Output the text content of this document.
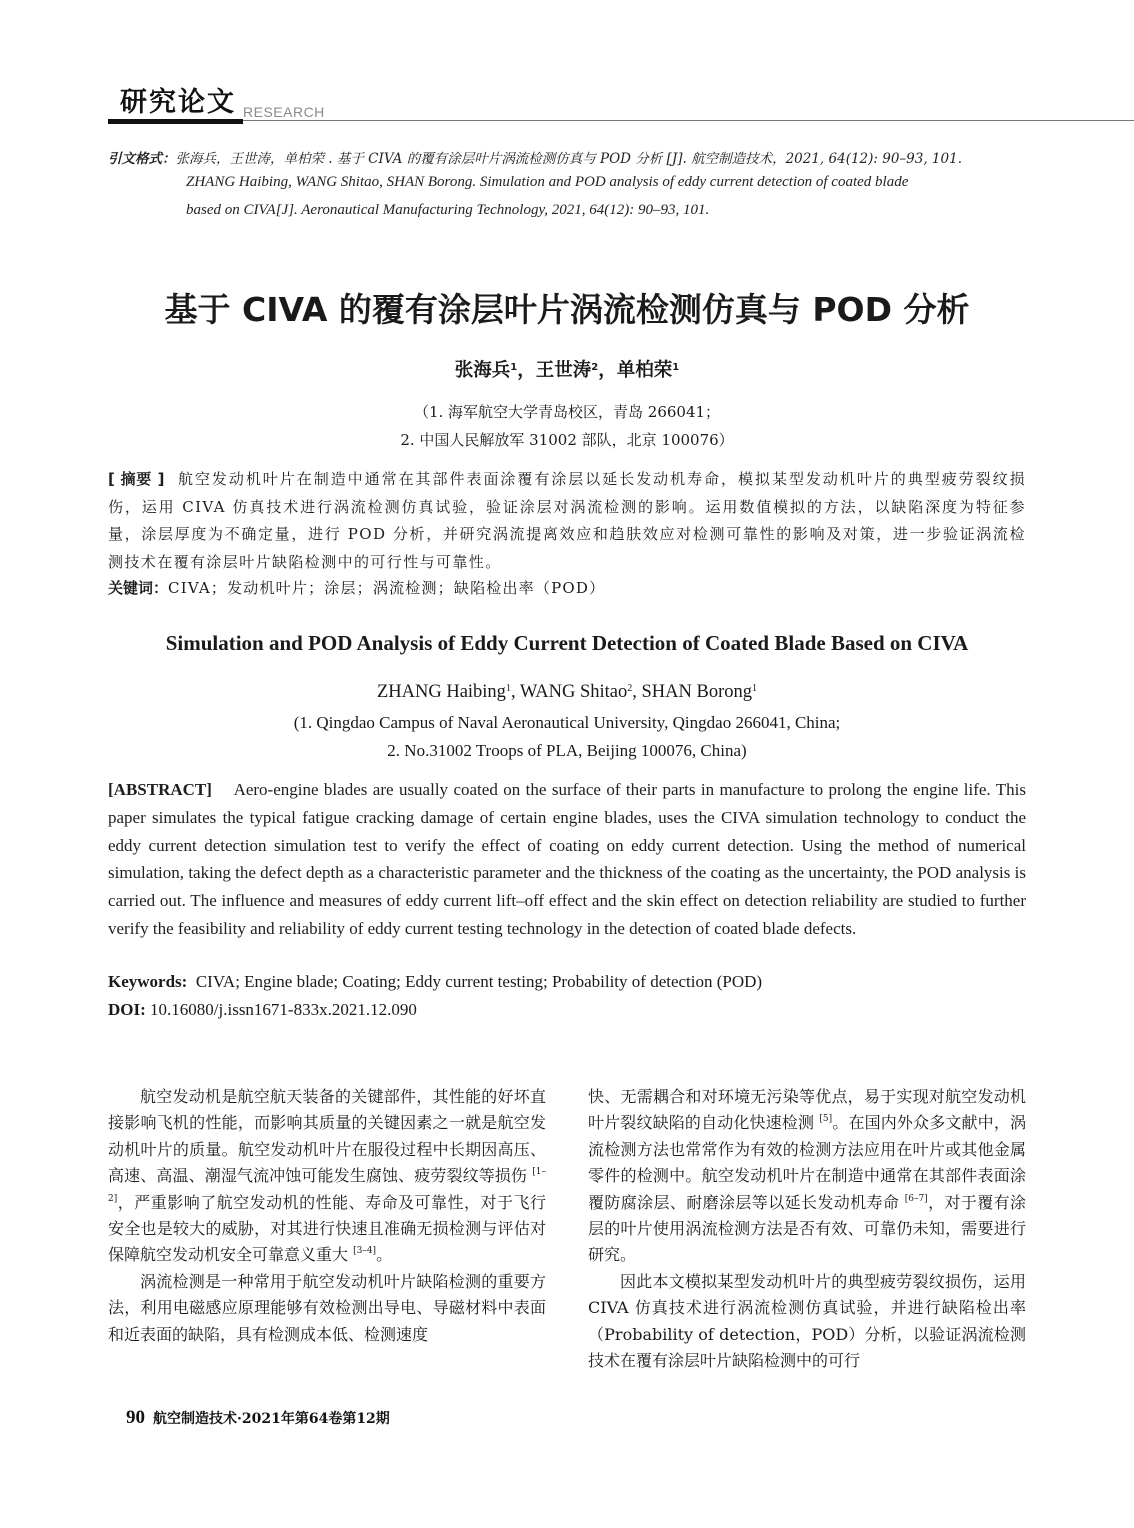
研究论文 RESEARCH
引文格式：张海兵，王世涛，单柏荣 . 基于 CIVA 的覆有涂层叶片涡流检测仿真与 POD 分析 [J]. 航空制造技术，2021, 64(12): 90–93, 101.
ZHANG Haibing, WANG Shitao, SHAN Borong. Simulation and POD analysis of eddy current detection of coated blade
based on CIVA[J]. Aeronautical Manufacturing Technology, 2021, 64(12): 90–93, 101.
基于 CIVA 的覆有涂层叶片涡流检测仿真与 POD 分析
张海兵$^1$，王世涛$^2$，单柏荣$^1$
（1. 海军航空大学青岛校区，青岛 266041；
2. 中国人民解放军 31002 部队，北京 100076）
[ 摘要 ] 航空发动机叶片在制造中通常在其部件表面涂覆有涂层以延长发动机寿命，模拟某型发动机叶片的典型疲劳裂纹损伤，运用 CIVA 仿真技术进行涡流检测仿真试验，验证涂层对涡流检测的影响。运用数值模拟的方法，以缺陷深度为特征参量，涂层厚度为不确定量，进行 POD 分析，并研究涡流提离效应和趋肤效应对检测可靠性的影响及对策，进一步验证涡流检测技术在覆有涂层叶片缺陷检测中的可行性与可靠性。
关键词：CIVA；发动机叶片；涂层；涡流检测；缺陷检出率（POD）
Simulation and POD Analysis of Eddy Current Detection of Coated Blade Based on CIVA
ZHANG Haibing$^1$, WANG Shitao$^2$, SHAN Borong$^1$
(1. Qingdao Campus of Naval Aeronautical University, Qingdao 266041, China;
2. No.31002 Troops of PLA, Beijing 100076, China)
[ABSTRACT] Aero-engine blades are usually coated on the surface of their parts in manufacture to prolong the engine life. This paper simulates the typical fatigue cracking damage of certain engine blades, uses the CIVA simulation technology to conduct the eddy current detection simulation test to verify the effect of coating on eddy current detection. Using the method of numerical simulation, taking the defect depth as a characteristic parameter and the thickness of the coating as the uncertainty, the POD analysis is carried out. The influence and measures of eddy current lift–off effect and the skin effect on detection reliability are studied to further verify the feasibility and reliability of eddy current testing technology in the detection of coated blade defects.
Keywords: CIVA; Engine blade; Coating; Eddy current testing; Probability of detection (POD)
DOI: 10.16080/j.issn1671-833x.2021.12.090

航空发动机是航空航天装备的关键部件，其性能的好坏直接影响飞机的性能，而影响其质量的关键因素之一就是航空发动机叶片的质量。航空发动机叶片在服役过程中长期因高压、高速、高温、潮湿气流冲蚀可能发生腐蚀、疲劳裂纹等损伤 [1–2]，严重影响了航空发动机的性能、寿命及可靠性，对于飞行安全也是较大的威胁，对其进行快速且准确无损检测与评估对保障航空发动机安全可靠意义重大 [3–4]。

涡流检测是一种常用于航空发动机叶片缺陷检测的重要方法，利用电磁感应原理能够有效检测出导电、导磁材料中表面和近表面的缺陷，具有检测成本低、检测速度

快、无需耦合和对环境无污染等优点，易于实现对航空发动机叶片裂纹缺陷的自动化快速检测 [5]。在国内外众多文献中，涡流检测方法也常常作为有效的检测方法应用在叶片或其他金属零件的检测中。航空发动机叶片在制造中通常在其部件表面涂覆防腐涂层、耐磨涂层等以延长发动机寿命 [6–7]，对于覆有涂层的叶片使用涡流检测方法是否有效、可靠仍未知，需要进行研究。

因此本文模拟某型发动机叶片的典型疲劳裂纹损伤，运用 CIVA 仿真技术进行涡流检测仿真试验，并进行缺陷检出率（Probability of detection，POD）分析，以验证涡流检测技术在覆有涂层叶片缺陷检测中的可行

90 航空制造技术·2021年第64卷第12期
